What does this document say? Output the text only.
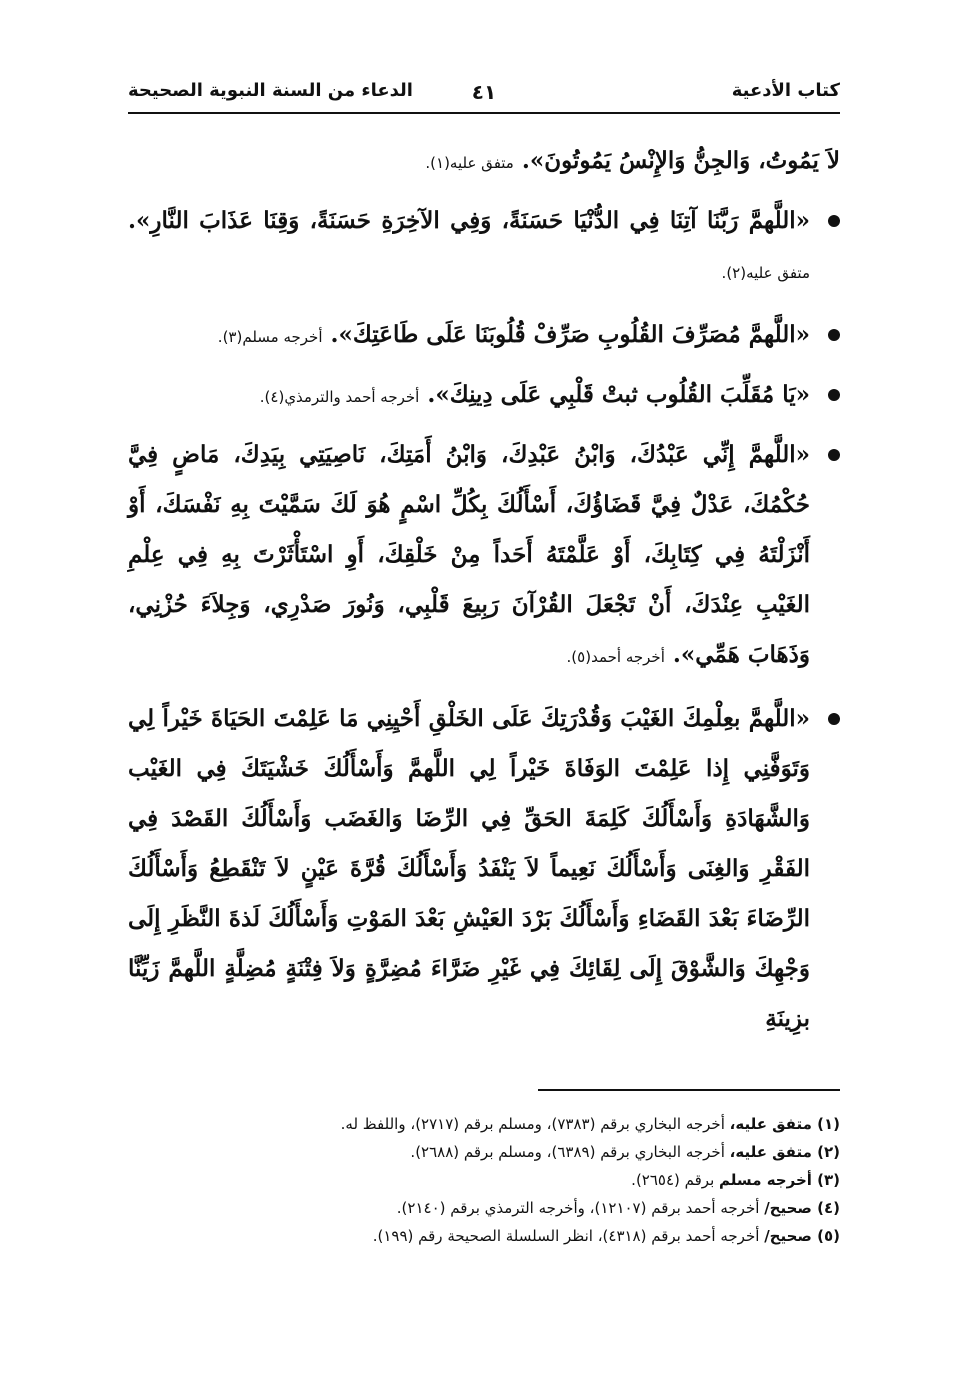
كتاب الأدعية
٤١
الدعاء من السنة النبوية الصحيحة
لاَ يَمُوتُ، وَالجِنُّ وَالإِنْسُ يَمُوتُونَ». متفق عليه(١).
«اللَّهمَّ رَبَّنَا آتِنَا فِي الدُّنْيَا حَسَنَةً، وَفِي الآخِرَةِ حَسَنَةً، وَقِنَا عَذَابَ النَّارِ». متفق عليه(٢).
«اللَّهمَّ مُصَرِّفَ القُلُوبِ صَرِّفْ قُلُوبَنَا عَلَى طَاعَتِكَ». أخرجه مسلم(٣).
«يَا مُقَلِّبَ القُلُوب ثبتْ قَلْبِي عَلَى دِينِكَ». أخرجه أحمد والترمذي(٤).
«اللَّهمَّ إِنِّي عَبْدُكَ، وَابْنُ عَبْدِكَ، وَابْنُ أَمَتِكَ، نَاصِيَتِي بِيَدِكَ، مَاضٍ فِيَّ حُكْمُكَ، عَدْلٌ فِيَّ قَضَاؤُكَ، أَسْأَلُكَ بِكُلِّ اسْمٍ هُوَ لَكَ سَمَّيْتَ بِهِ نَفْسَكَ، أَوْ أَنْزَلْتَهُ فِي كِتَابِكَ، أَوْ عَلَّمْتَهُ أَحَداً مِنْ خَلْقِكَ، أَوِ اسْتَأْثَرْتَ بِهِ فِي عِلْمِ الغَيْبِ عِنْدَكَ، أَنْ تَجْعَلَ القُرْآنَ رَبِيعَ قَلْبِي، وَنُورَ صَدْرِي، وَجِلاَءَ حُزْنِي، وَذَهَابَ هَمِّي». أخرجه أحمد(٥).
«اللَّهمَّ بعِلْمِكَ الغَيْبَ وَقُدْرَتِكَ عَلَى الخَلْقِ أَحْيِنِي مَا عَلِمْتَ الحَيَاةَ خَيْراً لِي وَتَوَفَّنِي إِذا عَلِمْتَ الوَفَاةَ خَيْراً لِي اللَّهمَّ وَأَسْأَلُكَ خَشْيَتَكَ فِي الغَيْب وَالشَّهَادَةِ وَأَسْأَلُكَ كَلِمَةَ الحَقِّ فِي الرِّضَا وَالغَضَب وَأَسْأَلُكَ القَصْدَ فِي الفَقْرِ وَالغِنَى وَأَسْأَلُكَ نَعِيماً لاَ يَنْفَدُ وَأَسْأَلُكَ قُرَّةَ عَيْنٍ لاَ تَنْقَطِعُ وَأَسْأَلُكَ الرِّضَاءَ بَعْدَ القَضَاءِ وَأَسْأَلُكَ بَرْدَ العَيْشِ بَعْدَ المَوْتِ وَأَسْأَلُكَ لَذةَ النَّظَرِ إِلَى وَجْهِكَ وَالشَّوْقَ إِلَى لِقَائِكَ فِي غَيْرِ ضَرَّاءَ مُضِرَّةٍ وَلاَ فِتْنَةٍ مُضِلَّةٍ اللَّهمَّ زَيِّنَّا بزِينَةِ
(١) متفق عليه، أخرجه البخاري برقم (٧٣٨٣)، ومسلم برقم (٢٧١٧)، واللفظ له.
(٢) متفق عليه، أخرجه البخاري برقم (٦٣٨٩)، ومسلم برقم (٢٦٨٨).
(٣) أخرجه مسلم برقم (٢٦٥٤).
(٤) صحيح/ أخرجه أحمد برقم (١٢١٠٧)، وأخرجه الترمذي برقم (٢١٤٠).
(٥) صحيح/ أخرجه أحمد برقم (٤٣١٨)، انظر السلسلة الصحيحة رقم (١٩٩).
